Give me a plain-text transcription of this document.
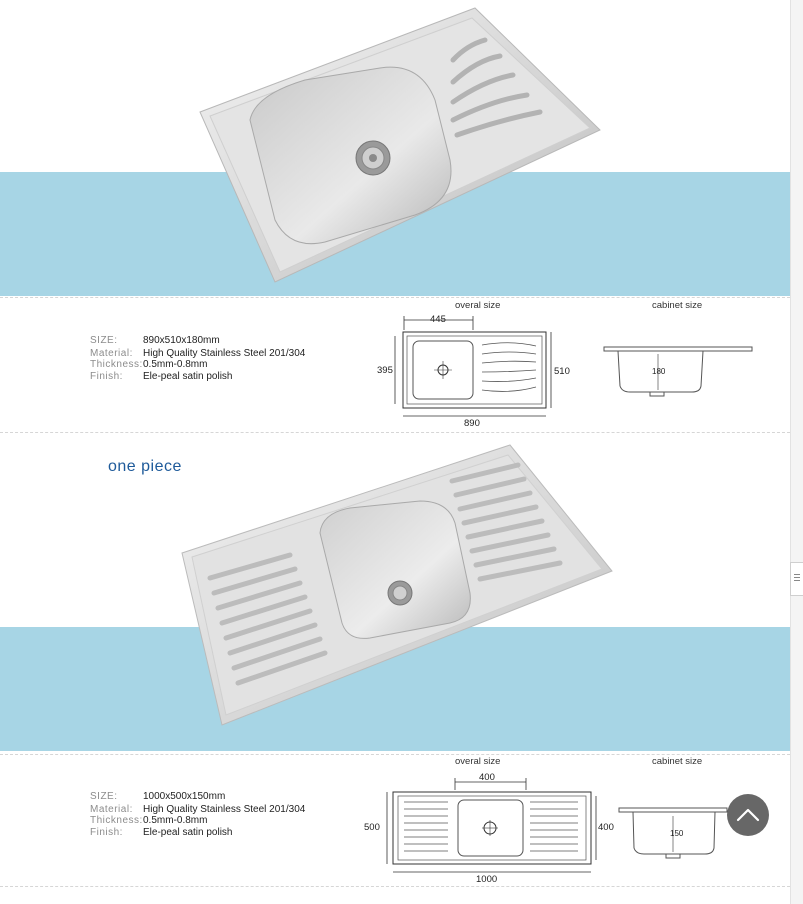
SIZE:	890x510x180mm
Material: High Quality Stainless Steel 201/304
Thickness: 0.5mm-0.8mm
Finish: Ele-peal satin polish
overal size	cabinet size
445
395	510
890
180
one piece
SIZE:	1000x500x150mm
Material: High Quality Stainless Steel 201/304
Thickness: 0.5mm-0.8mm
Finish: Ele-peal satin polish
overal size	cabinet size
400
500	400
1000
150
